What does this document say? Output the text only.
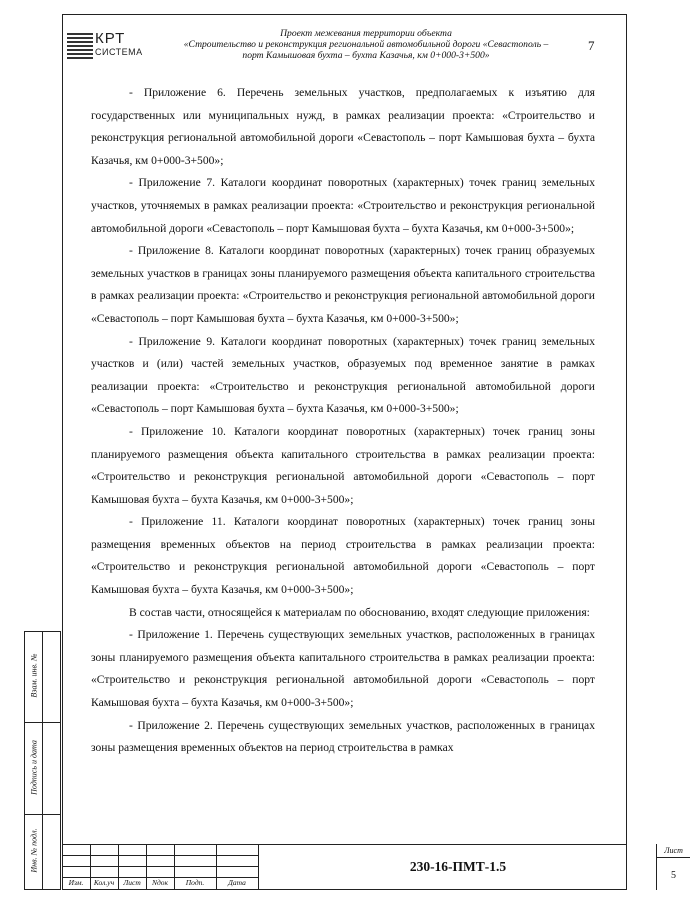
КРТ
СИСТЕМА
Проект межевания территории объекта
«Строительство и реконструкция региональной автомобильной дороги «Севастополь –
порт Камышовая бухта – бухта Казачья, км 0+000-3+500»
7

- Приложение 6. Перечень земельных участков, предполагаемых к изъятию для государственных или муниципальных нужд, в рамках реализации проекта: «Строительство и реконструкция региональной автомобильной дороги «Севастополь – порт Камышовая бухта – бухта Казачья, км 0+000-3+500»;

- Приложение 7. Каталоги координат поворотных (характерных) точек границ земельных участков, уточняемых в рамках реализации проекта: «Строительство и реконструкция региональной автомобильной дороги «Севастополь – порт Камышовая бухта – бухта Казачья, км 0+000-3+500»;

- Приложение 8. Каталоги координат поворотных (характерных) точек границ образуемых земельных участков в границах зоны планируемого размещения объекта капитального строительства в рамках реализации проекта: «Строительство и реконструкция региональной автомобильной дороги «Севастополь – порт Камышовая бухта – бухта Казачья, км 0+000-3+500»;

- Приложение 9. Каталоги координат поворотных (характерных) точек границ земельных участков и (или) частей земельных участков, образуемых под временное занятие в рамках реализации проекта: «Строительство и реконструкция региональной автомобильной дороги «Севастополь – порт Камышовая бухта – бухта Казачья, км 0+000-3+500»;

- Приложение 10. Каталоги координат поворотных (характерных) точек границ зоны планируемого размещения объекта капитального строительства в рамках реализации проекта: «Строительство и реконструкция региональной автомобильной дороги «Севастополь – порт Камышовая бухта – бухта Казачья, км 0+000-3+500»;

- Приложение 11. Каталоги координат поворотных (характерных) точек границ зоны размещения временных объектов на период строительства в рамках реализации проекта: «Строительство и реконструкция региональной автомобильной дороги «Севастополь – порт Камышовая бухта – бухта Казачья, км 0+000-3+500»;

В состав части, относящейся к материалам по обоснованию, входят следующие приложения:

- Приложение 1. Перечень существующих земельных участков, расположенных в границах зоны планируемого размещения объекта капитального строительства в рамках реализации проекта: «Строительство и реконструкция региональной автомобильной дороги «Севастополь – порт Камышовая бухта – бухта Казачья, км 0+000-3+500»;

- Приложение 2. Перечень существующих земельных участков, расположенных в границах зоны размещения временных объектов на период строительства в рамках

Взам. инв. №
Подпись и дата
Инв. № подл.
Изм.	Кол.уч	Лист	Nдок	Подп.	Дата
230-16-ПМТ-1.5
Лист
5
